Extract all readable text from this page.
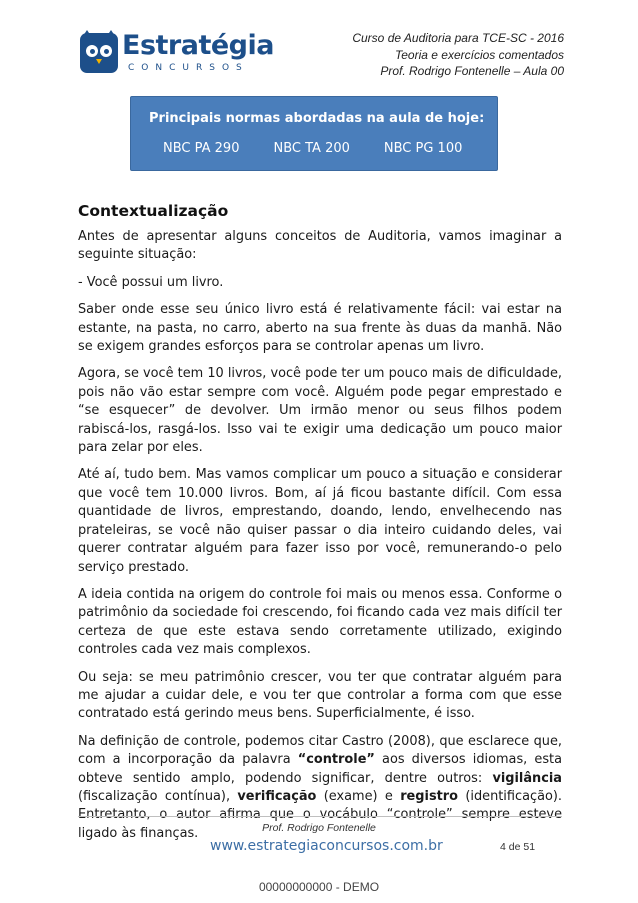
Estratégia
CONCURSOS
Curso de Auditoria para TCE-SC - 2016
Teoria e exercícios comentados
Prof. Rodrigo Fontenelle – Aula 00
Principais normas abordadas na aula de hoje:
NBC PA 290	NBC TA 200	NBC PG 100
Contextualização

Antes de apresentar alguns conceitos de Auditoria, vamos imaginar a seguinte situação:

- Você possui um livro.

Saber onde esse seu único livro está é relativamente fácil: vai estar na estante, na pasta, no carro, aberto na sua frente às duas da manhã. Não se exigem grandes esforços para se controlar apenas um livro.

Agora, se você tem 10 livros, você pode ter um pouco mais de dificuldade, pois não vão estar sempre com você. Alguém pode pegar emprestado e “se esquecer” de devolver. Um irmão menor ou seus filhos podem rabiscá-los, rasgá-los. Isso vai te exigir uma dedicação um pouco maior para zelar por eles.

Até aí, tudo bem. Mas vamos complicar um pouco a situação e considerar que você tem 10.000 livros. Bom, aí já ficou bastante difícil. Com essa quantidade de livros, emprestando, doando, lendo, envelhecendo nas prateleiras, se você não quiser passar o dia inteiro cuidando deles, vai querer contratar alguém para fazer isso por você, remunerando-o pelo serviço prestado.

A ideia contida na origem do controle foi mais ou menos essa. Conforme o patrimônio da sociedade foi crescendo, foi ficando cada vez mais difícil ter certeza de que este estava sendo corretamente utilizado, exigindo controles cada vez mais complexos.

Ou seja: se meu patrimônio crescer, vou ter que contratar alguém para me ajudar a cuidar dele, e vou ter que controlar a forma com que esse contratado está gerindo meus bens. Superficialmente, é isso.

Na definição de controle, podemos citar Castro (2008), que esclarece que, com a incorporação da palavra “controle” aos diversos idiomas, esta obteve sentido amplo, podendo significar, dentre outros: vigilância (fiscalização contínua), verificação (exame) e registro (identificação). Entretanto, o autor afirma que o vocábulo “controle” sempre esteve ligado às finanças.	Prof. Rodrigo Fontenelle
www.estrategiaconcursos.com.br	4 de 51
00000000000 - DEMO
